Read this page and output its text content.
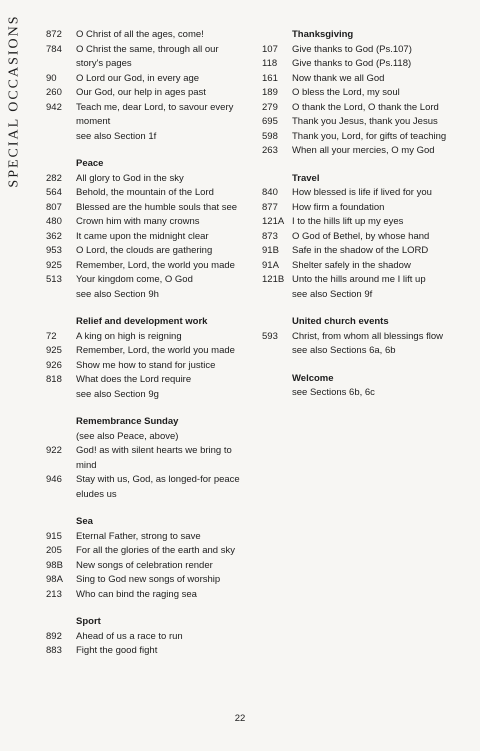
SPECIAL OCCASIONS	872	O Christ of all the ages, come!
784	O Christ the same, through all our
story's pages
90	O Lord our God, in every age
260	Our God, our help in ages past
942	Teach me, dear Lord, to savour every
moment
see also Section 1f
Peace
282	All glory to God in the sky
564	Behold, the mountain of the Lord
807	Blessed are the humble souls that see
480	Crown him with many crowns
362	It came upon the midnight clear
953	O Lord, the clouds are gathering
925	Remember, Lord, the world you made
513	Your kingdom come, O God
see also Section 9h
Relief and development work
72	A king on high is reigning
925	Remember, Lord, the world you made
926	Show me how to stand for justice
818	What does the Lord require
see also Section 9g
Remembrance Sunday
(see also Peace, above)
922	God! as with silent hearts we bring to
mind
946	Stay with us, God, as longed-for peace
eludes us
Sea
915	Eternal Father, strong to save
205	For all the glories of the earth and sky
98B	New songs of celebration render
98A	Sing to God new songs of worship
213	Who can bind the raging sea
Sport
892	Ahead of us a race to run
883	Fight the good fight
Thanksgiving
107	Give thanks to God (Ps.107)
118	Give thanks to God (Ps.118)
161	Now thank we all God
189	O bless the Lord, my soul
279	O thank the Lord, O thank the Lord
695	Thank you Jesus, thank you Jesus
598	Thank you, Lord, for gifts of teaching
263	When all your mercies, O my God
Travel
840	How blessed is life if lived for you
877	How firm a foundation
121A I to the hills lift up my eyes
873	O God of Bethel, by whose hand
91B	Safe in the shadow of the LORD
91A	Shelter safely in the shadow
121B Unto the hills around me I lift up
see also Section 9f
United church events
593	Christ, from whom all blessings flow
see also Sections 6a, 6b
Welcome
see Sections 6b, 6c
22
